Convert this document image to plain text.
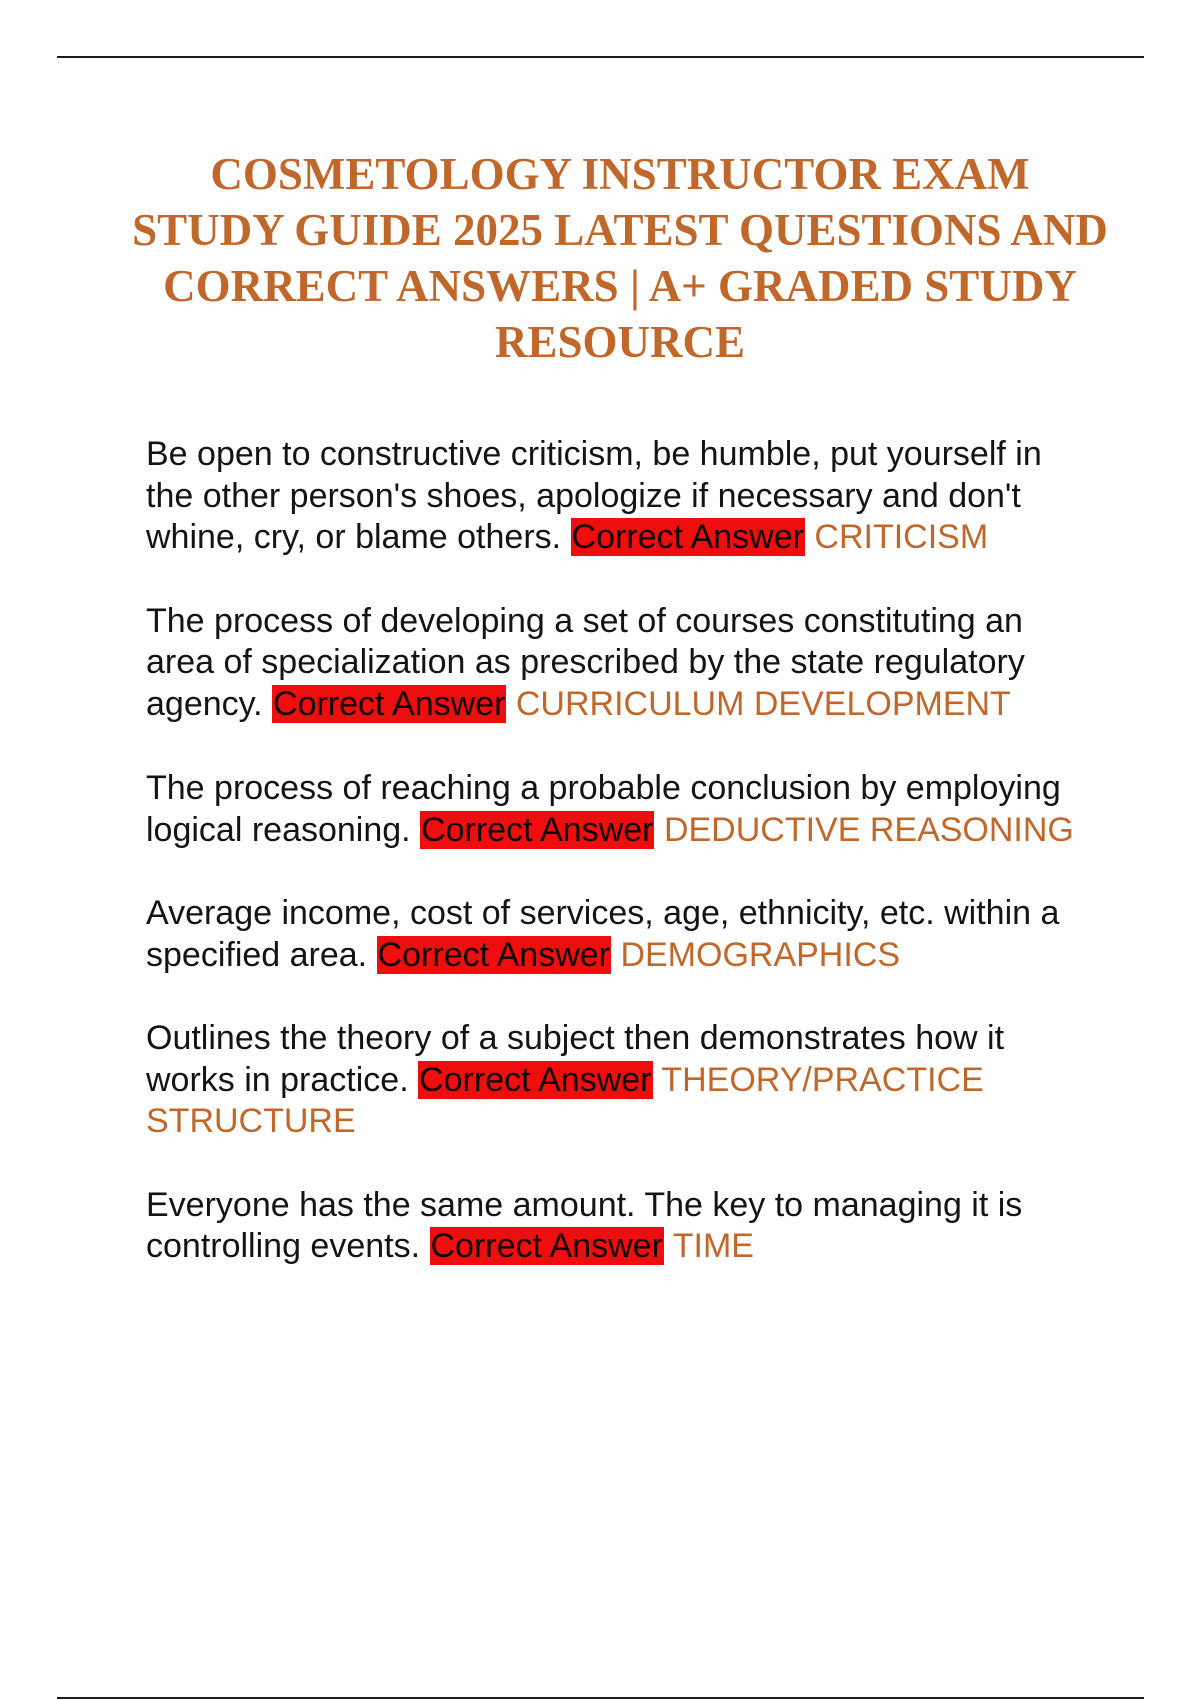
COSMETOLOGY INSTRUCTOR EXAM STUDY GUIDE 2025 LATEST QUESTIONS AND CORRECT ANSWERS | A+ GRADED STUDY RESOURCE

Be open to constructive criticism, be humble, put yourself in the other person's shoes, apologize if necessary and don't whine, cry, or blame others. Correct Answer CRITICISM

The process of developing a set of courses constituting an area of specialization as prescribed by the state regulatory agency. Correct Answer CURRICULUM DEVELOPMENT

The process of reaching a probable conclusion by employing logical reasoning. Correct Answer DEDUCTIVE REASONING

Average income, cost of services, age, ethnicity, etc. within a specified area. Correct Answer DEMOGRAPHICS

Outlines the theory of a subject then demonstrates how it works in practice. Correct Answer THEORY/PRACTICE STRUCTURE

Everyone has the same amount. The key to managing it is controlling events. Correct Answer TIME
